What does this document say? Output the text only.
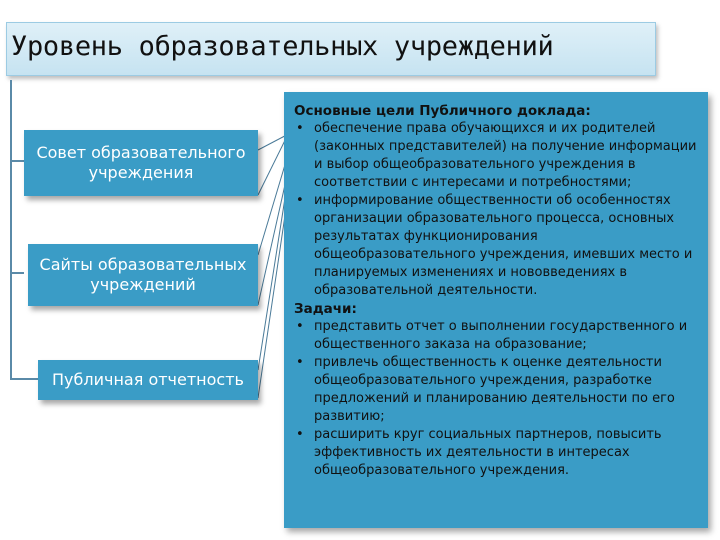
Уровень образовательных учреждений
Совет образовательного
учреждения
Сайты образовательных
учреждений
Публичная отчетность
Основные цели Публичного доклада:
• обеспечение права обучающихся и их родителей (законных представителей) на получение информации и выбор общеобразовательного учреждения в соответствии с интересами и потребностями;
• информирование общественности об особенностях организации образовательного процесса, основных результатах функционирования общеобразовательного учреждения, имевших место и планируемых изменениях и нововведениях в образовательной деятельности.
Задачи:
• представить отчет о выполнении государственного и общественного заказа на образование;
• привлечь общественность к оценке деятельности общеобразовательного учреждения, разработке предложений и планированию деятельности по его развитию;
• расширить круг социальных партнеров, повысить эффективность их деятельности в интересах общеобразовательного учреждения.
